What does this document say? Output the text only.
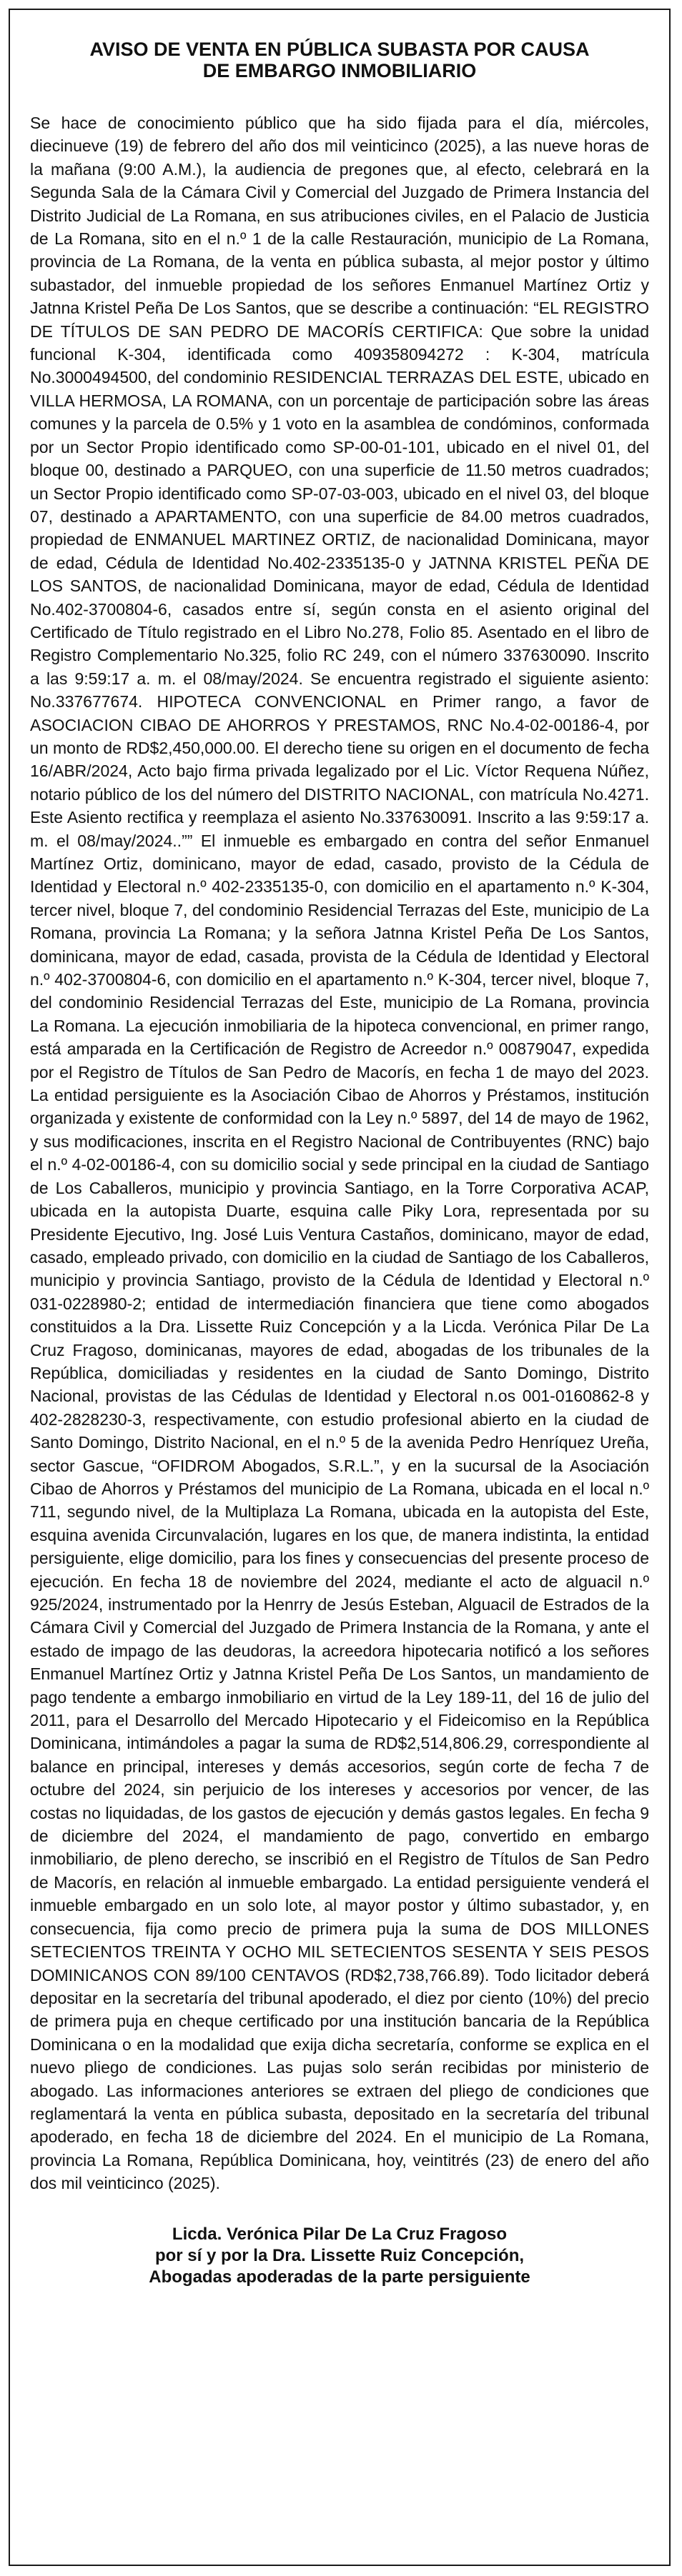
AVISO DE VENTA EN PÚBLICA SUBASTA POR CAUSA
DE EMBARGO INMOBILIARIO

Se hace de conocimiento público que ha sido fijada para el día, miércoles, diecinueve (19) de febrero del año dos mil veinticinco (2025), a las nueve horas de la mañana (9:00 A.M.), la audiencia de pregones que, al efecto, celebrará en la Segunda Sala de la Cámara Civil y Comercial del Juzgado de Primera Instancia del Distrito Judicial de La Romana, en sus atribuciones civiles, en el Palacio de Justicia de La Romana, sito en el n.º 1 de la calle Restauración, municipio de La Romana, provincia de La Romana, de la venta en pública subasta, al mejor postor y último subastador, del inmueble propiedad de los señores Enmanuel Martínez Ortiz y Jatnna Kristel Peña De Los Santos, que se describe a continuación: “EL REGISTRO DE TÍTULOS DE SAN PEDRO DE MACORÍS CERTIFICA: Que sobre la unidad funcional K-304, identificada como 409358094272 : K-304, matrícula No.3000494500, del condominio RESIDENCIAL TERRAZAS DEL ESTE, ubicado en VILLA HERMOSA, LA ROMANA, con un porcentaje de participación sobre las áreas comunes y la parcela de 0.5% y 1 voto en la asamblea de condóminos, conformada por un Sector Propio identificado como SP-00-01-101, ubicado en el nivel 01, del bloque 00, destinado a PARQUEO, con una superficie de 11.50 metros cuadrados; un Sector Propio identificado como SP-07-03-003, ubicado en el nivel 03, del bloque 07, destinado a APARTAMENTO, con una superficie de 84.00 metros cuadrados, propiedad de ENMANUEL MARTINEZ ORTIZ, de nacionalidad Dominicana, mayor de edad, Cédula de Identidad No.402-2335135-0 y JATNNA KRISTEL PEÑA DE LOS SANTOS, de nacionalidad Dominicana, mayor de edad, Cédula de Identidad No.402-3700804-6, casados entre sí, según consta en el asiento original del Certificado de Título registrado en el Libro No.278, Folio 85. Asentado en el libro de Registro Complementario No.325, folio RC 249, con el número 337630090. Inscrito a las 9:59:17 a. m. el 08/may/2024. Se encuentra registrado el siguiente asiento: No.337677674. HIPOTECA CONVENCIONAL en Primer rango, a favor de ASOCIACION CIBAO DE AHORROS Y PRESTAMOS, RNC No.4-02-00186-4, por un monto de RD$2,450,000.00. El derecho tiene su origen en el documento de fecha 16/ABR/2024, Acto bajo firma privada legalizado por el Lic. Víctor Requena Núñez, notario público de los del número del DISTRITO NACIONAL, con matrícula No.4271. Este Asiento rectifica y reemplaza el asiento No.337630091. Inscrito a las 9:59:17 a. m. el 08/may/2024..”” El inmueble es embargado en contra del señor Enmanuel Martínez Ortiz, dominicano, mayor de edad, casado, provisto de la Cédula de Identidad y Electoral n.º 402-2335135-0, con domicilio en el apartamento n.º K-304, tercer nivel, bloque 7, del condominio Residencial Terrazas del Este, municipio de La Romana, provincia La Romana; y la señora Jatnna Kristel Peña De Los Santos, dominicana, mayor de edad, casada, provista de la Cédula de Identidad y Electoral n.º 402-3700804-6, con domicilio en el apartamento n.º K-304, tercer nivel, bloque 7, del condominio Residencial Terrazas del Este, municipio de La Romana, provincia La Romana. La ejecución inmobiliaria de la hipoteca convencional, en primer rango, está amparada en la Certificación de Registro de Acreedor n.º 00879047, expedida por el Registro de Títulos de San Pedro de Macorís, en fecha 1 de mayo del 2023. La entidad persiguiente es la Asociación Cibao de Ahorros y Préstamos, institución organizada y existente de conformidad con la Ley n.º 5897, del 14 de mayo de 1962, y sus modificaciones, inscrita en el Registro Nacional de Contribuyentes (RNC) bajo el n.º 4-02-00186-4, con su domicilio social y sede principal en la ciudad de Santiago de Los Caballeros, municipio y provincia Santiago, en la Torre Corporativa ACAP, ubicada en la autopista Duarte, esquina calle Piky Lora, representada por su Presidente Ejecutivo, Ing. José Luis Ventura Castaños, dominicano, mayor de edad, casado, empleado privado, con domicilio en la ciudad de Santiago de los Caballeros, municipio y provincia Santiago, provisto de la Cédula de Identidad y Electoral n.º 031-0228980-2; entidad de intermediación financiera que tiene como abogados constituidos a la Dra. Lissette Ruiz Concepción y a la Licda. Verónica Pilar De La Cruz Fragoso, dominicanas, mayores de edad, abogadas de los tribunales de la República, domiciliadas y residentes en la ciudad de Santo Domingo, Distrito Nacional, provistas de las Cédulas de Identidad y Electoral n.os 001-0160862-8 y 402-2828230-3, respectivamente, con estudio profesional abierto en la ciudad de Santo Domingo, Distrito Nacional, en el n.º 5 de la avenida Pedro Henríquez Ureña, sector Gascue, “OFIDROM Abogados, S.R.L.”, y en la sucursal de la Asociación Cibao de Ahorros y Préstamos del municipio de La Romana, ubicada en el local n.º 711, segundo nivel, de la Multiplaza La Romana, ubicada en la autopista del Este, esquina avenida Circunvalación, lugares en los que, de manera indistinta, la entidad persiguiente, elige domicilio, para los fines y consecuencias del presente proceso de ejecución. En fecha 18 de noviembre del 2024, mediante el acto de alguacil n.º 925/2024, instrumentado por la Henrry de Jesús Esteban, Alguacil de Estrados de la Cámara Civil y Comercial del Juzgado de Primera Instancia de la Romana, y ante el estado de impago de las deudoras, la acreedora hipotecaria notificó a los señores Enmanuel Martínez Ortiz y Jatnna Kristel Peña De Los Santos, un mandamiento de pago tendente a embargo inmobiliario en virtud de la Ley 189-11, del 16 de julio del 2011, para el Desarrollo del Mercado Hipotecario y el Fideicomiso en la República Dominicana, intimándoles a pagar la suma de RD$2,514,806.29, correspondiente al balance en principal, intereses y demás accesorios, según corte de fecha 7 de octubre del 2024, sin perjuicio de los intereses y accesorios por vencer, de las costas no liquidadas, de los gastos de ejecución y demás gastos legales. En fecha 9 de diciembre del 2024, el mandamiento de pago, convertido en embargo inmobiliario, de pleno derecho, se inscribió en el Registro de Títulos de San Pedro de Macorís, en relación al inmueble embargado. La entidad persiguiente venderá el inmueble embargado en un solo lote, al mayor postor y último subastador, y, en consecuencia, fija como precio de primera puja la suma de DOS MILLONES SETECIENTOS TREINTA Y OCHO MIL SETECIENTOS SESENTA Y SEIS PESOS DOMINICANOS CON 89/100 CENTAVOS (RD$2,738,766.89). Todo licitador deberá depositar en la secretaría del tribunal apoderado, el diez por ciento (10%) del precio de primera puja en cheque certificado por una institución bancaria de la República Dominicana o en la modalidad que exija dicha secretaría, conforme se explica en el nuevo pliego de condiciones. Las pujas solo serán recibidas por ministerio de abogado. Las informaciones anteriores se extraen del pliego de condiciones que reglamentará la venta en pública subasta, depositado en la secretaría del tribunal apoderado, en fecha 18 de diciembre del 2024. En el municipio de La Romana, provincia La Romana, República Dominicana, hoy, veintitrés (23) de enero del año dos mil veinticinco (2025).

Licda. Verónica Pilar De La Cruz Fragoso
por sí y por la Dra. Lissette Ruiz Concepción,
Abogadas apoderadas de la parte persiguiente
